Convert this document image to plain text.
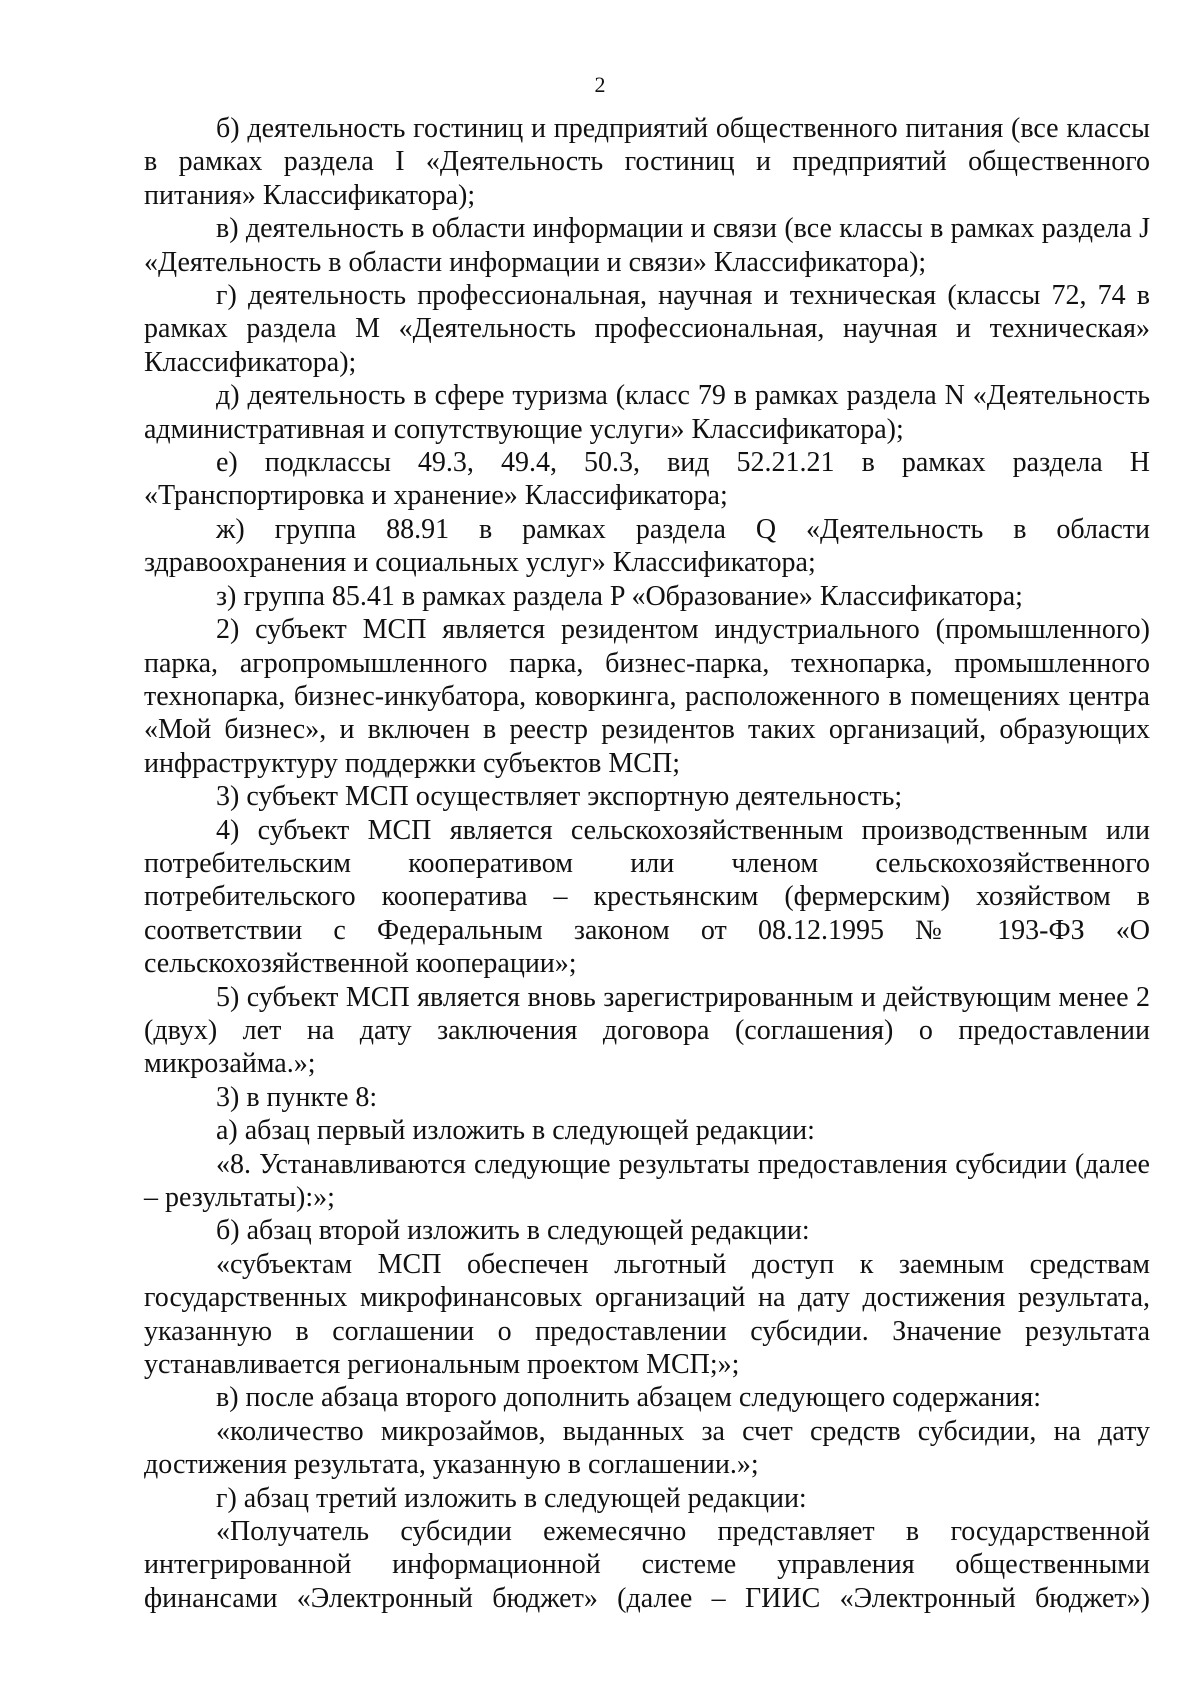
2

б) деятельность гостиниц и предприятий общественного питания (все классы в рамках раздела I «Деятельность гостиниц и предприятий общественного питания» Классификатора);

в) деятельность в области информации и связи (все классы в рамках раздела J «Деятельность в области информации и связи» Классификатора);

г) деятельность профессиональная, научная и техническая (классы 72, 74 в рамках раздела M «Деятельность профессиональная, научная и техническая» Классификатора);

д) деятельность в сфере туризма (класс 79 в рамках раздела N «Деятельность административная и сопутствующие услуги» Классификатора);

е) подклассы 49.3, 49.4, 50.3, вид 52.21.21 в рамках раздела H «Транспортировка и хранение» Классификатора;

ж) группа 88.91 в рамках раздела Q «Деятельность в области здравоохранения и социальных услуг» Классификатора;

з) группа 85.41 в рамках раздела P «Образование» Классификатора;

2) субъект МСП является резидентом индустриального (промышленного) парка, агропромышленного парка, бизнес-парка, технопарка, промышленного технопарка, бизнес-инкубатора, коворкинга, расположенного в помещениях центра «Мой бизнес», и включен в реестр резидентов таких организаций, образующих инфраструктуру поддержки субъектов МСП;

3) субъект МСП осуществляет экспортную деятельность;

4) субъект МСП является сельскохозяйственным производственным или потребительским кооперативом или членом сельскохозяйственного потребительского кооператива – крестьянским (фермерским) хозяйством в соответствии с Федеральным законом от 08.12.1995 № 193-ФЗ «О сельскохозяйственной кооперации»;

5) субъект МСП является вновь зарегистрированным и действующим менее 2 (двух) лет на дату заключения договора (соглашения) о предоставлении микрозайма.»;

3) в пункте 8:

а) абзац первый изложить в следующей редакции:

«8. Устанавливаются следующие результаты предоставления субсидии (далее – результаты):»;

б) абзац второй изложить в следующей редакции:

«субъектам МСП обеспечен льготный доступ к заемным средствам государственных микрофинансовых организаций на дату достижения результата, указанную в соглашении о предоставлении субсидии. Значение результата устанавливается региональным проектом МСП;»;

в) после абзаца второго дополнить абзацем следующего содержания:

«количество микрозаймов, выданных за счет средств субсидии, на дату достижения результата, указанную в соглашении.»;

г) абзац третий изложить в следующей редакции:

«Получатель субсидии ежемесячно представляет в государственной интегрированной информационной системе управления общественными финансами «Электронный бюджет» (далее – ГИИС «Электронный бюджет»)
